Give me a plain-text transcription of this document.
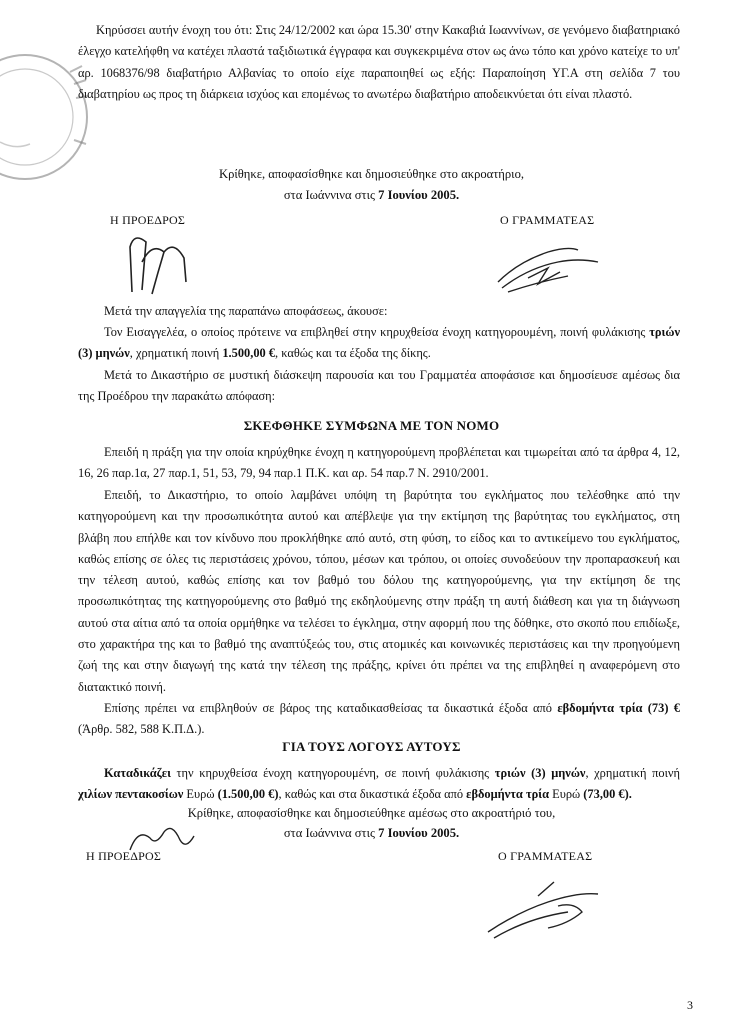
Κηρύσσει αυτήν ένοχη του ότι: Στις 24/12/2002 και ώρα 15.30' στην Κακαβιά Ιωαννίνων, σε γενόμενο διαβατηριακό έλεγχο κατελήφθη να κατέχει πλαστά ταξιδιωτικά έγγραφα και συγκεκριμένα στον ως άνω τόπο και χρόνο κατείχε το υπ' αρ. 1068376/98 διαβατήριο Αλβανίας το οποίο είχε παραποιηθεί ως εξής: Παραποίηση ΥΓ.Α στη σελίδα 7 του διαβατηρίου ως προς τη διάρκεια ισχύος και επομένως το ανωτέρω διαβατήριο αποδεικνύεται ότι είναι πλαστό.
Κρίθηκε, αποφασίσθηκε και δημοσιεύθηκε στο ακροατήριο,
στα Ιωάννινα στις 7 Ιουνίου 2005.
Η ΠΡΟΕΔΡΟΣ	Ο ΓΡΑΜΜΑΤΕΑΣ
Μετά την απαγγελία της παραπάνω αποφάσεως, άκουσε:
Τον Εισαγγελέα, ο οποίος πρότεινε να επιβληθεί στην κηρυχθείσα ένοχη κατηγορουμένη, ποινή φυλάκισης τριών (3) μηνών, χρηματική ποινή 1.500,00 €, καθώς και τα έξοδα της δίκης.
Μετά το Δικαστήριο σε μυστική διάσκεψη παρουσία και του Γραμματέα αποφάσισε και δημοσίευσε αμέσως δια της Προέδρου την παρακάτω απόφαση:
ΣΚΕΦΘΗΚΕ ΣΥΜΦΩΝΑ ΜΕ ΤΟΝ ΝΟΜΟ
Επειδή η πράξη για την οποία κηρύχθηκε ένοχη η κατηγορούμενη προβλέπεται και τιμωρείται από τα άρθρα 4, 12, 16, 26 παρ.1α, 27 παρ.1, 51, 53, 79, 94 παρ.1 Π.Κ. και αρ. 54 παρ.7 Ν. 2910/2001.
Επειδή, το Δικαστήριο, το οποίο λαμβάνει υπόψη τη βαρύτητα του εγκλήματος που τελέσθηκε από την κατηγορούμενη και την προσωπικότητα αυτού και απέβλεψε για την εκτίμηση της βαρύτητας του εγκλήματος, στη βλάβη που επήλθε και τον κίνδυνο που προκλήθηκε από αυτό, στη φύση, το είδος και το αντικείμενο του εγκλήματος, καθώς επίσης σε όλες τις περιστάσεις χρόνου, τόπου, μέσων και τρόπου, οι οποίες συνοδεύουν την προπαρασκευή και την τέλεση αυτού, καθώς επίσης και τον βαθμό του δόλου της κατηγορούμενης, για την εκτίμηση δε της προσωπικότητας της κατηγορούμενης στο βαθμό της εκδηλούμενης στην πράξη τη αυτή διάθεση και για τη διάγνωση αυτού στα αίτια από τα οποία ορμήθηκε να τελέσει το έγκλημα, στην αφορμή που της δόθηκε, στο σκοπό που επιδίωξε, στο χαρακτήρα της και το βαθμό της αναπτύξεώς του, στις ατομικές και κοινωνικές περιστάσεις και την προηγούμενη ζωή της και στην διαγωγή της κατά την τέλεση της πράξης, κρίνει ότι πρέπει να της επιβληθεί η αναφερόμενη στο διατακτικό ποινή.
Επίσης πρέπει να επιβληθούν σε βάρος της καταδικασθείσας τα δικαστικά έξοδα από εβδομήντα τρία (73) € (Άρθρ. 582, 588 Κ.Π.Δ.).
ΓΙΑ ΤΟΥΣ ΛΟΓΟΥΣ ΑΥΤΟΥΣ
Καταδικάζει την κηρυχθείσα ένοχη κατηγορουμένη, σε ποινή φυλάκισης τριών (3) μηνών, χρηματική ποινή χιλίων πεντακοσίων Ευρώ (1.500,00 €), καθώς και στα δικαστικά έξοδα από εβδομήντα τρία Ευρώ (73,00 €).
Κρίθηκε, αποφασίσθηκε και δημοσιεύθηκε αμέσως στο ακροατήριό του,
στα Ιωάννινα στις 7 Ιουνίου 2005.
Η ΠΡΟΕΔΡΟΣ	Ο ΓΡΑΜΜΑΤΕΑΣ
3
